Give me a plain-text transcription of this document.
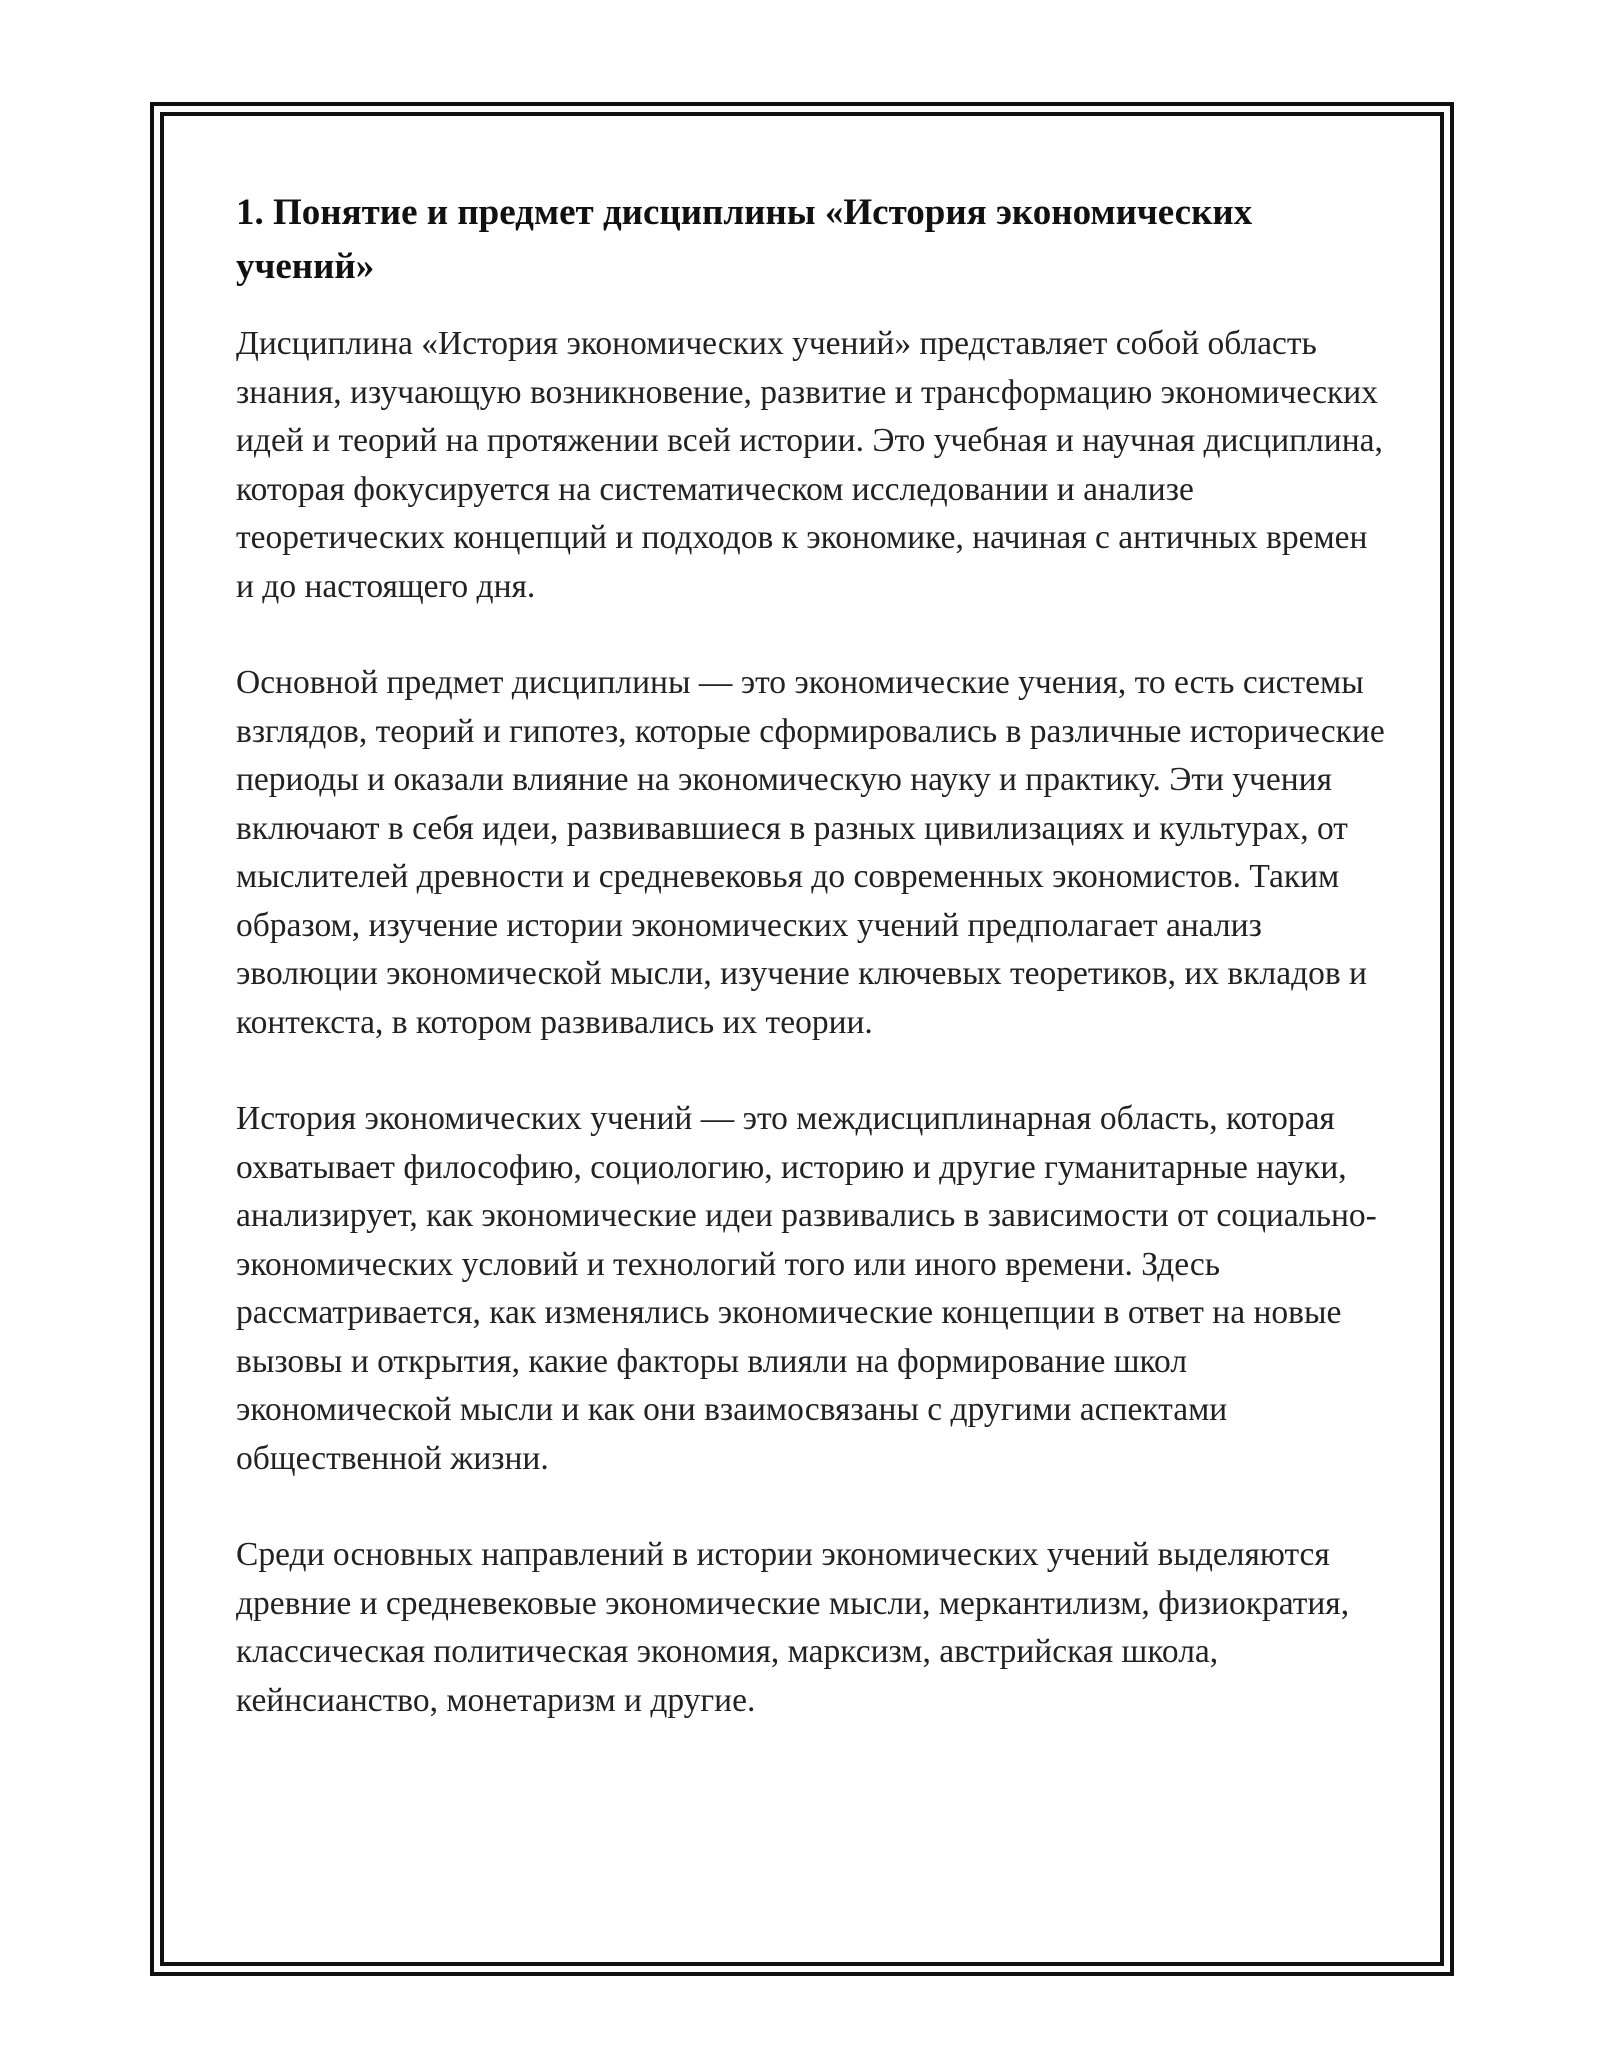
1. Понятие и предмет дисциплины «История экономических учений»

Дисциплина «История экономических учений» представляет собой область знания, изучающую возникновение, развитие и трансформацию экономических идей и теорий на протяжении всей истории. Это учебная и научная дисциплина, которая фокусируется на систематическом исследовании и анализе теоретических концепций и подходов к экономике, начиная с античных времен и до настоящего дня.

Основной предмет дисциплины — это экономические учения, то есть системы взглядов, теорий и гипотез, которые сформировались в различные исторические периоды и оказали влияние на экономическую науку и практику. Эти учения включают в себя идеи, развивавшиеся в разных цивилизациях и культурах, от мыслителей древности и средневековья до современных экономистов. Таким образом, изучение истории экономических учений предполагает анализ эволюции экономической мысли, изучение ключевых теоретиков, их вкладов и контекста, в котором развивались их теории.

История экономических учений — это междисциплинарная область, которая охватывает философию, социологию, историю и другие гуманитарные науки, анализирует, как экономические идеи развивались в зависимости от социально-экономических условий и технологий того или иного времени. Здесь рассматривается, как изменялись экономические концепции в ответ на новые вызовы и открытия, какие факторы влияли на формирование школ экономической мысли и как они взаимосвязаны с другими аспектами общественной жизни.

Среди основных направлений в истории экономических учений выделяются древние и средневековые экономические мысли, меркантилизм, физиократия, классическая политическая экономия, марксизм, австрийская школа, кейнсианство, монетаризм и другие.
